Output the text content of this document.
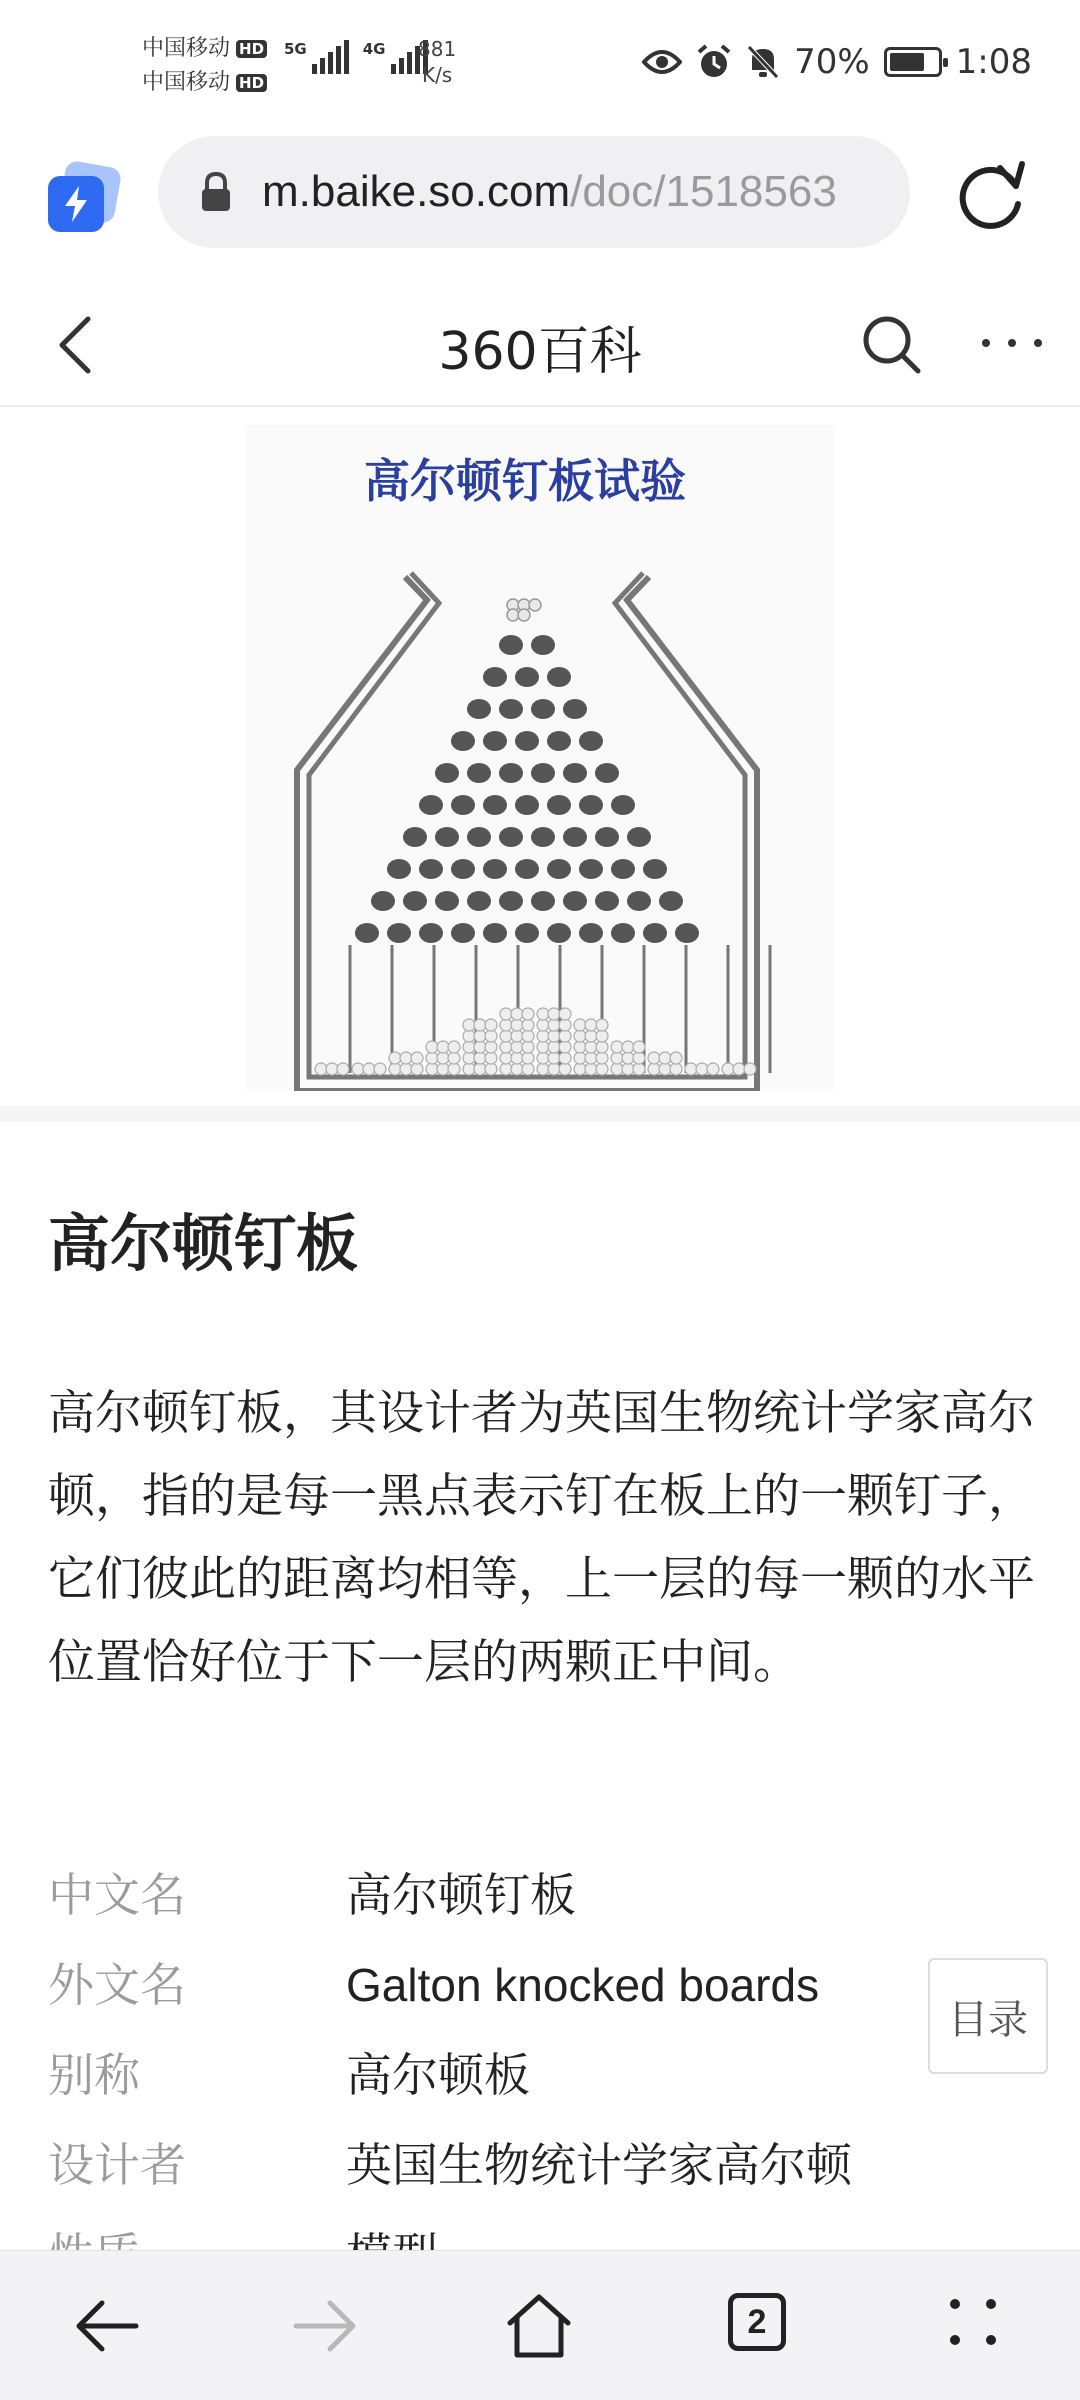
中国移动 HD
中国移动 HD
5G	4G 881
K/s	70%	1:08
m.baike.so.com/doc/1518563
360百科
高尔顿钉板试验
高尔顿钉板

高尔顿钉板，其设计者为英国生物统计学家高尔顿，指的是每一黑点表示钉在板上的一颗钉子，它们彼此的距离均相等，上一层的每一颗的水平位置恰好位于下一层的两颗正中间。

中文名	高尔顿钉板
外文名	Galton knocked boards
别称	高尔顿板
设计者	英国生物统计学家高尔顿
目录
2
